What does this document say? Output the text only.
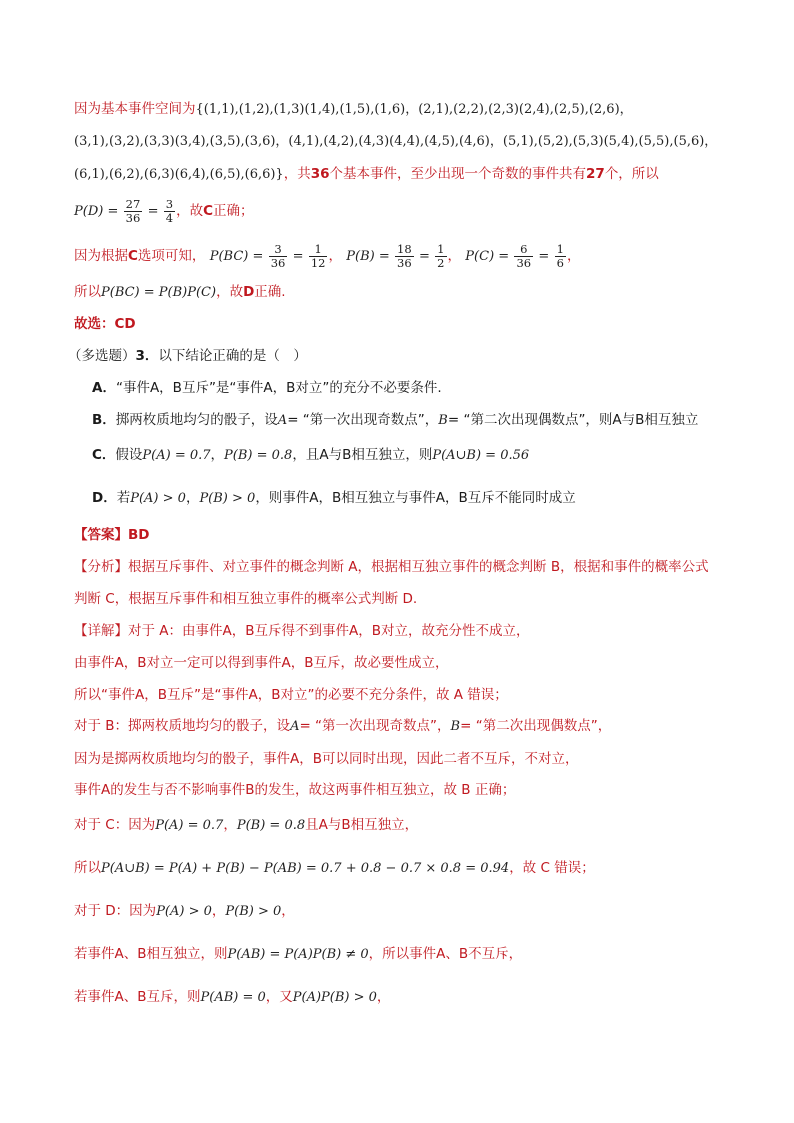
因为基本事件空间为{(1,1),(1,2),(1,3)(1,4),(1,5),(1,6)，(2,1),(2,2),(2,3)(2,4),(2,5),(2,6)，
(3,1),(3,2),(3,3)(3,4),(3,5),(3,6)，(4,1),(4,2),(4,3)(4,4),(4,5),(4,6)，(5,1),(5,2),(5,3)(5,4),(5,5),(5,6)，
(6,1),(6,2),(6,3)(6,4),(6,5),(6,6)}，共36个基本事件，至少出现一个奇数的事件共有27个，所以
$P(D) = \frac{27}{36} = \frac{3}{4}$ ，故C正确；
因为根据C选项可知， $P(BC) = \frac{3}{36} = \frac{1}{12}$ ， $P(B) = \frac{18}{36} = \frac{1}{2}$ ， $P(C) = \frac{6}{36} = \frac{1}{6}$ ，
所以P(BC) = P(B)P(C)，故D正确.
故选：CD
（多选题）3．以下结论正确的是（　）
A．“事件A，B互斥”是“事件A，B对立”的充分不必要条件.
B．掷两枚质地均匀的骰子，设A= “第一次出现奇数点”，B= “第二次出现偶数点”，则A与B相互独立
C．假设P(A) = 0.7，P(B) = 0.8，且A与B相互独立，则P(A∪B) = 0.56
D．若P(A) > 0，P(B) > 0，则事件A，B相互独立与事件A，B互斥不能同时成立
【答案】BD
【分析】根据互斥事件、对立事件的概念判断 A，根据相互独立事件的概念判断 B，根据和事件的概率公式
判断 C，根据互斥事件和相互独立事件的概率公式判断 D.
【详解】对于 A：由事件A，B互斥得不到事件A，B对立，故充分性不成立，
由事件A，B对立一定可以得到事件A，B互斥，故必要性成立，
所以“事件A，B互斥”是“事件A，B对立”的必要不充分条件，故 A 错误；
对于 B：掷两枚质地均匀的骰子，设A= “第一次出现奇数点”，B= “第二次出现偶数点”，
因为是掷两枚质地均匀的骰子，事件A，B可以同时出现，因此二者不互斥，不对立，
事件A的发生与否不影响事件B的发生，故这两事件相互独立，故 B 正确；
对于 C：因为P(A) = 0.7，P(B) = 0.8且A与B相互独立，
所以P(A∪B) = P(A) + P(B) − P(AB) = 0.7 + 0.8 − 0.7 × 0.8 = 0.94，故 C 错误；
对于 D：因为P(A) > 0，P(B) > 0，
若事件A、B相互独立，则P(AB) = P(A)P(B) ≠ 0，所以事件A、B不互斥，
若事件A、B互斥，则P(AB) = 0，又P(A)P(B) > 0，
